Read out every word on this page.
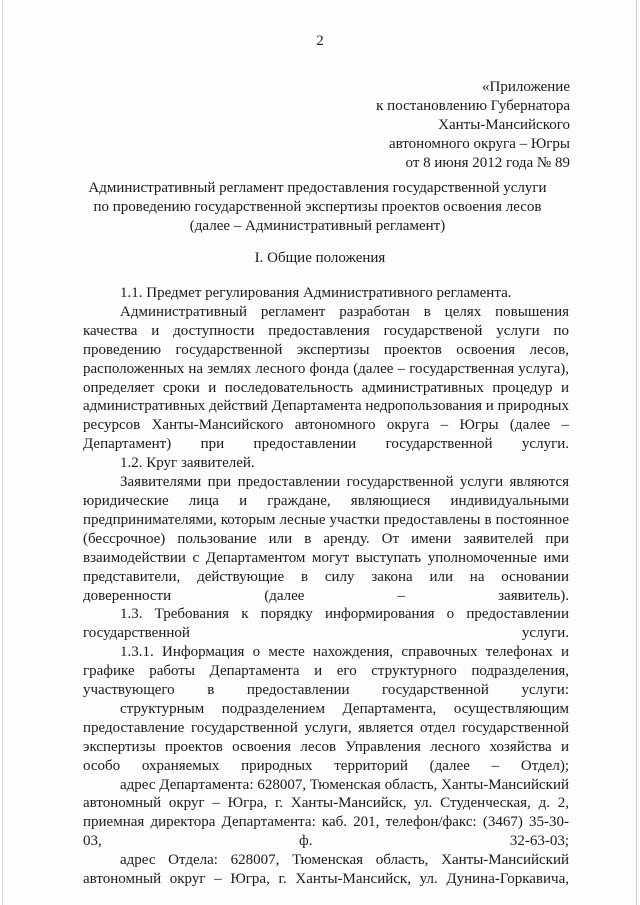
2
«Приложение
к постановлению Губернатора
Ханты-Мансийского
автономного округа – Югры
от 8 июня 2012 года № 89
Административный регламент предоставления государственной услуги
по проведению государственной экспертизы проектов освоения лесов
(далее – Административный регламент)
I. Общие положения

1.1. Предмет регулирования Административного регламента.

Административный регламент разработан в целях повышения качества и доступности предоставления государственой услуги по проведению государственной экспертизы проектов освоения лесов, расположенных на землях лесного фонда (далее – государственная услуга), определяет сроки и последовательность административных процедур и административных действий Департамента недропользования и природных ресурсов Ханты-Мансийского автономного округа – Югры (далее – Департамент) при предоставлении государственной услуги.

1.2. Круг заявителей.

Заявителями при предоставлении государственной услуги являются юридические лица и граждане, являющиеся индивидуальными предпринимателями, которым лесные участки предоставлены в постоянное (бессрочное) пользование или в аренду. От имени заявителей при взаимодействии с Департаментом могут выступать уполномоченные ими представители, действующие в силу закона или на основании доверенности (далее – заявитель).

1.3. Требования к порядку информирования о предоставлении государственной услуги.

1.3.1. Информация о месте нахождения, справочных телефонах и графике работы Департамента и его структурного подразделения, участвующего в предоставлении государственной услуги:

структурным подразделением Департамента, осуществляющим предоставление государственной услуги, является отдел государственной экспертизы проектов освоения лесов Управления лесного хозяйства и особо охраняемых природных территорий (далее – Отдел);

адрес Департамента: 628007, Тюменская область, Ханты-Мансийский автономный округ – Югра, г. Ханты-Мансийск, ул. Студенческая, д. 2, приемная директора Департамента: каб. 201, телефон/факс: (3467) 35-30-03, ф. 32-63-03;

адрес Отдела: 628007, Тюменская область, Ханты-Мансийский автономный округ – Югра, г. Ханты-Мансийск, ул. Дунина-Горкавича,
